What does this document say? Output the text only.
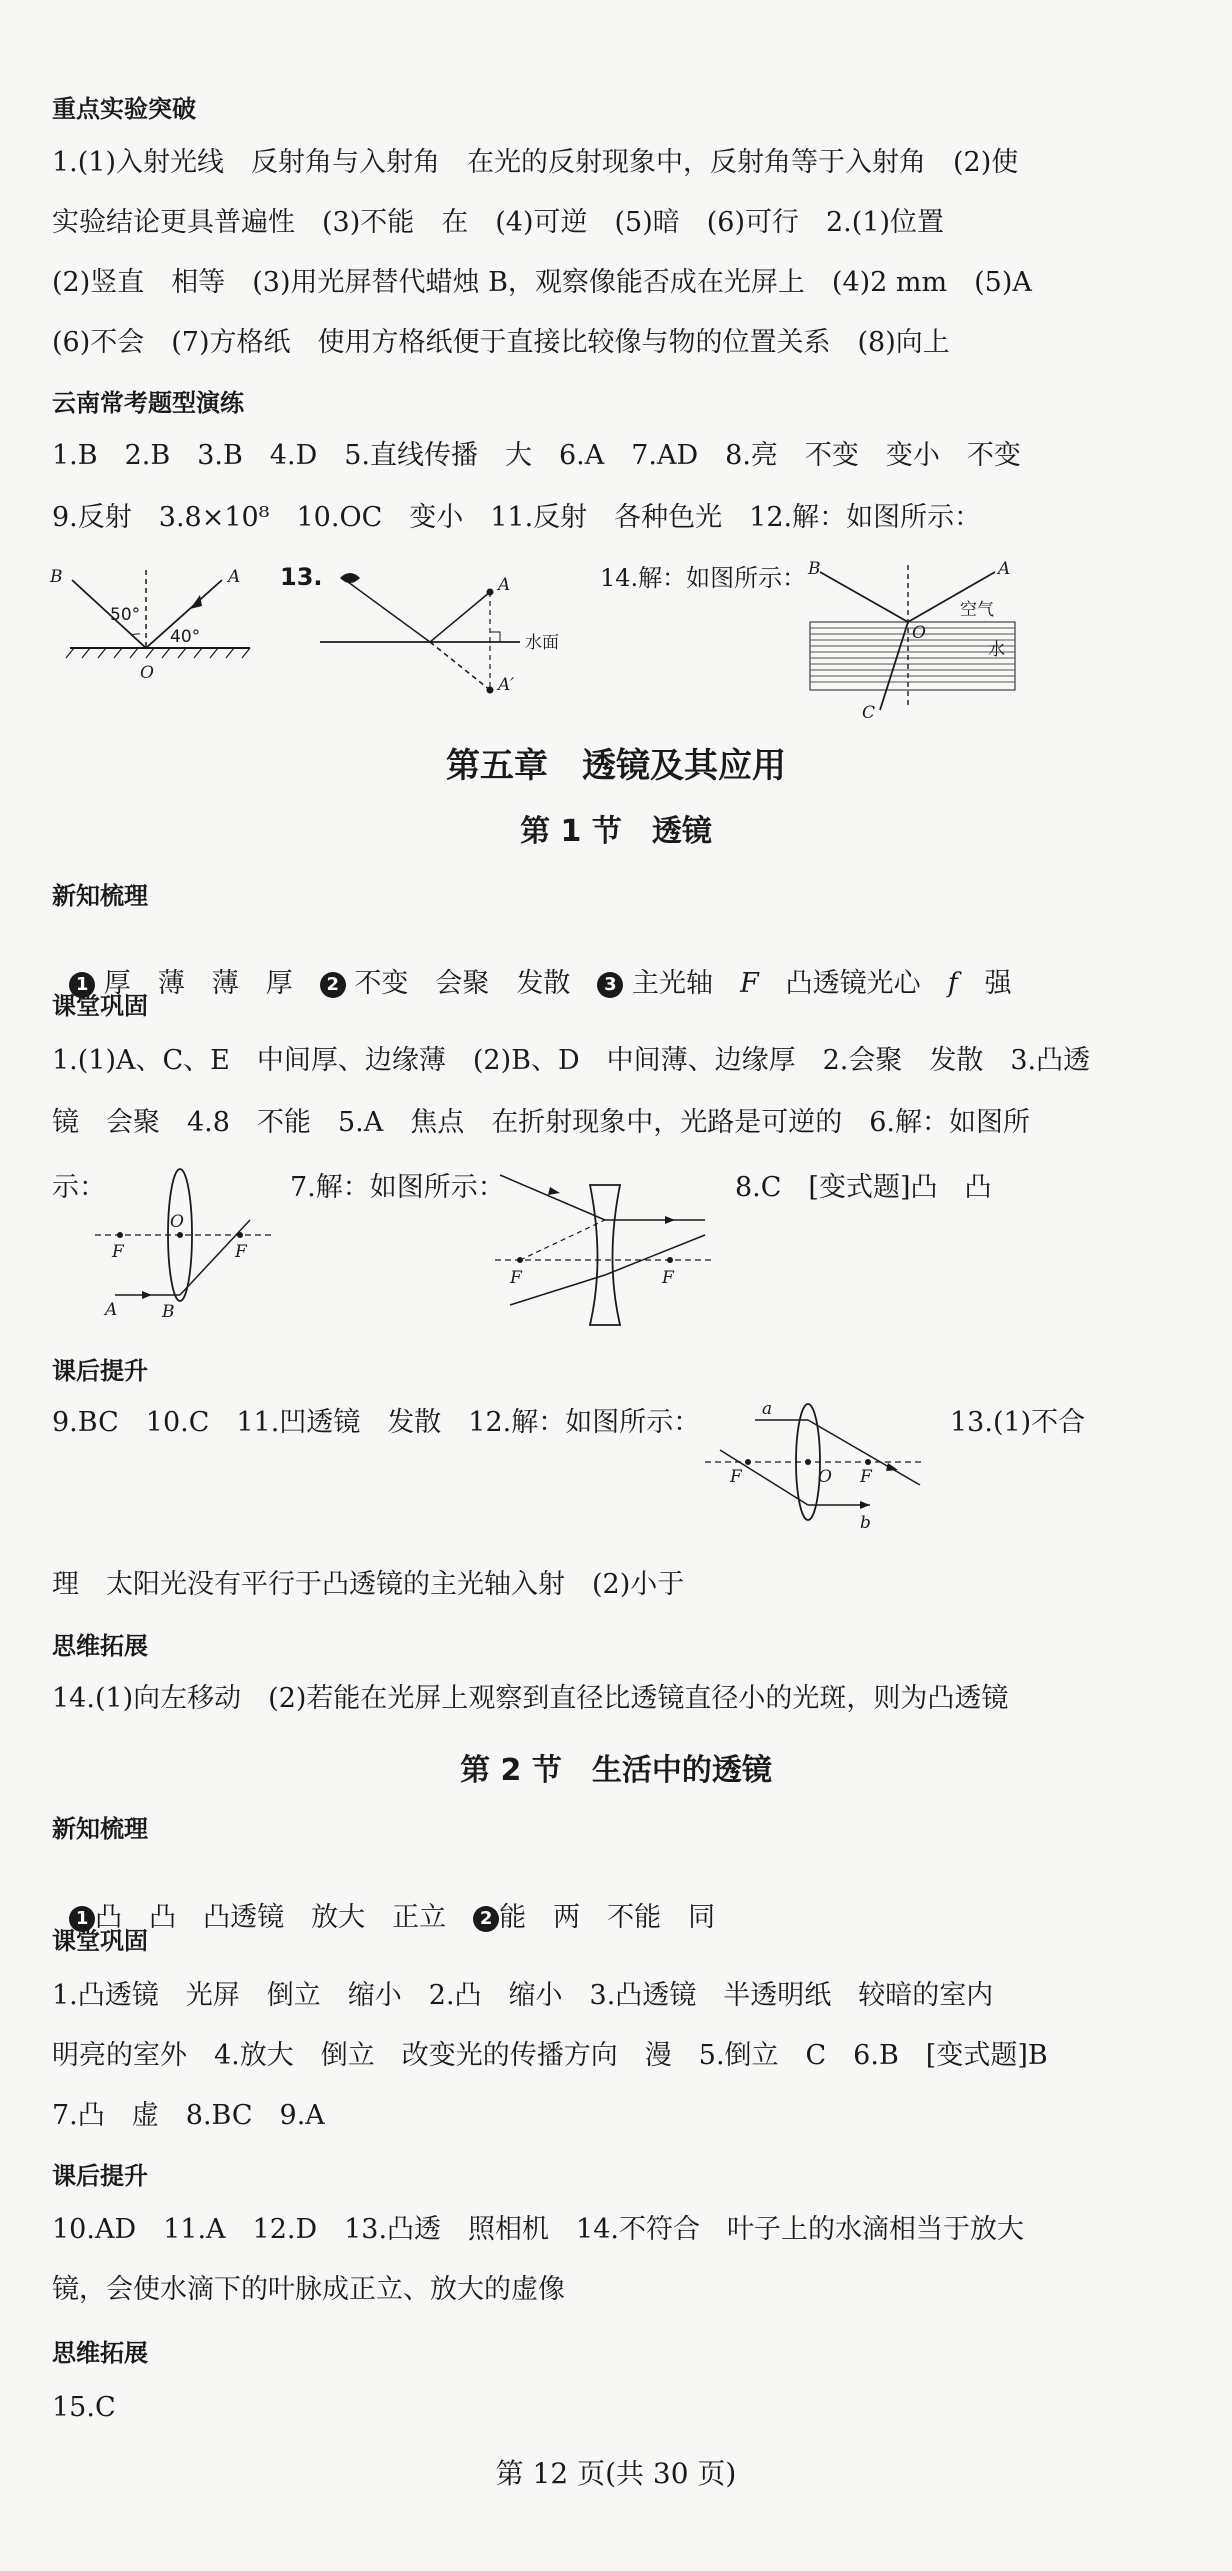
重点实验突破
1.(1)入射光线　反射角与入射角　在光的反射现象中，反射角等于入射角　(2)使
实验结论更具普遍性　(3)不能　在　(4)可逆　(5)暗　(6)可行　2.(1)位置
(2)竖直　相等　(3)用光屏替代蜡烛 B，观察像能否成在光屏上　(4)2 mm　(5)A
(6)不会　(7)方格纸　使用方格纸便于直接比较像与物的位置关系　(8)向上
云南常考题型演练
1.B　2.B　3.B　4.D　5.直线传播　大　6.A　7.AD　8.亮　不变　变小　不变
9.反射　3.8×10⁸　10.OC　变小　11.反射　各种色光　12.解：如图所示：
B	A
50°
40°
O
13.	A
A′
水面
14.解：如图所示： B	A
O
空气
水
C
第五章　透镜及其应用
第 1 节　透镜
新知梳理

1 厚　薄　薄　厚　2 不变　会聚　发散　3 主光轴　F　凸透镜光心　f　强

课堂巩固
1.(1)A、C、E　中间厚、边缘薄　(2)B、D　中间薄、边缘厚　2.会聚　发散　3.凸透
镜　会聚　4.8　不能　5.A　焦点　在折射现象中，光路是可逆的　6.解：如图所
示：	7.解：如图所示：	8.C　[变式题]凸　凸
O
F	F
A	B
F	F
课后提升
9.BC　10.C　11.凹透镜　发散　12.解：如图所示：	13.(1)不合
a
F	O F
b
理　太阳光没有平行于凸透镜的主光轴入射　(2)小于
思维拓展
14.(1)向左移动　(2)若能在光屏上观察到直径比透镜直径小的光斑，则为凸透镜
第 2 节　生活中的透镜
新知梳理

1 凸　凸　凸透镜　放大　正立　2 能　两　不能　同

课堂巩固
1.凸透镜　光屏　倒立　缩小　2.凸　缩小　3.凸透镜　半透明纸　较暗的室内
明亮的室外　4.放大　倒立　改变光的传播方向　漫　5.倒立　C　6.B　[变式题]B
7.凸　虚　8.BC　9.A
课后提升
10.AD　11.A　12.D　13.凸透　照相机　14.不符合　叶子上的水滴相当于放大
镜，会使水滴下的叶脉成正立、放大的虚像
思维拓展
15.C
第 12 页(共 30 页)
